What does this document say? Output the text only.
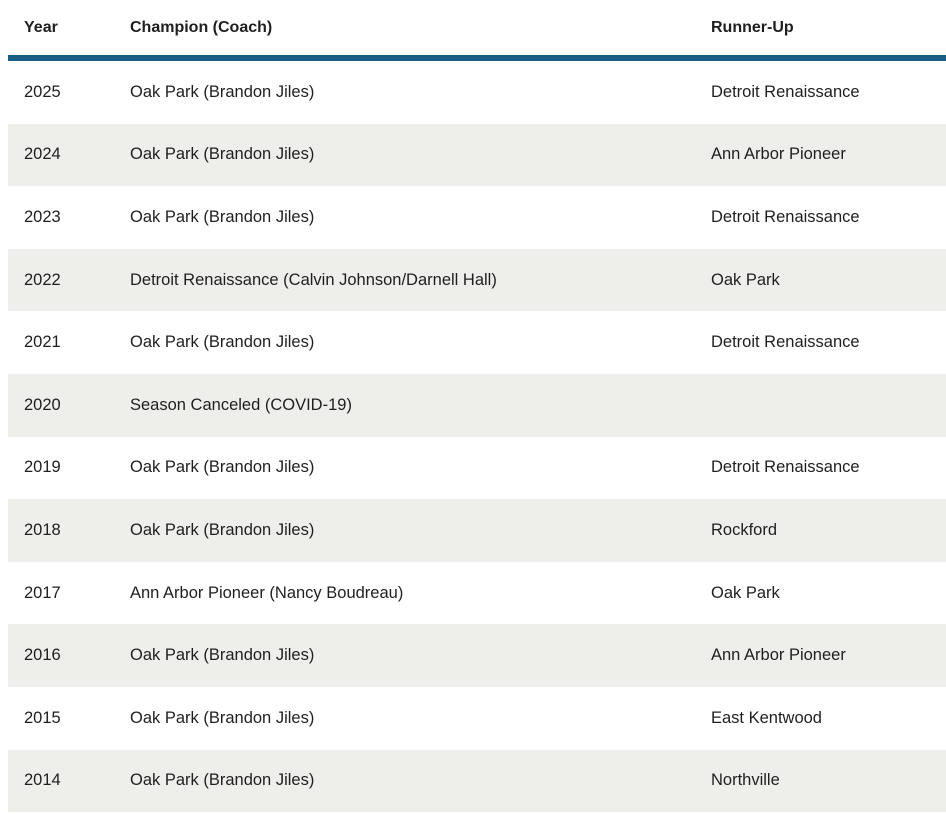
Year	Champion (Coach)	Runner-Up
2025	Oak Park (Brandon Jiles)	Detroit Renaissance
2024	Oak Park (Brandon Jiles)	Ann Arbor Pioneer
2023	Oak Park (Brandon Jiles)	Detroit Renaissance
2022	Detroit Renaissance (Calvin Johnson/Darnell Hall)	Oak Park
2021	Oak Park (Brandon Jiles)	Detroit Renaissance
2020	Season Canceled (COVID-19)	
2019	Oak Park (Brandon Jiles)	Detroit Renaissance
2018	Oak Park (Brandon Jiles)	Rockford
2017	Ann Arbor Pioneer (Nancy Boudreau)	Oak Park
2016	Oak Park (Brandon Jiles)	Ann Arbor Pioneer
2015	Oak Park (Brandon Jiles)	East Kentwood
2014	Oak Park (Brandon Jiles)	Northville
